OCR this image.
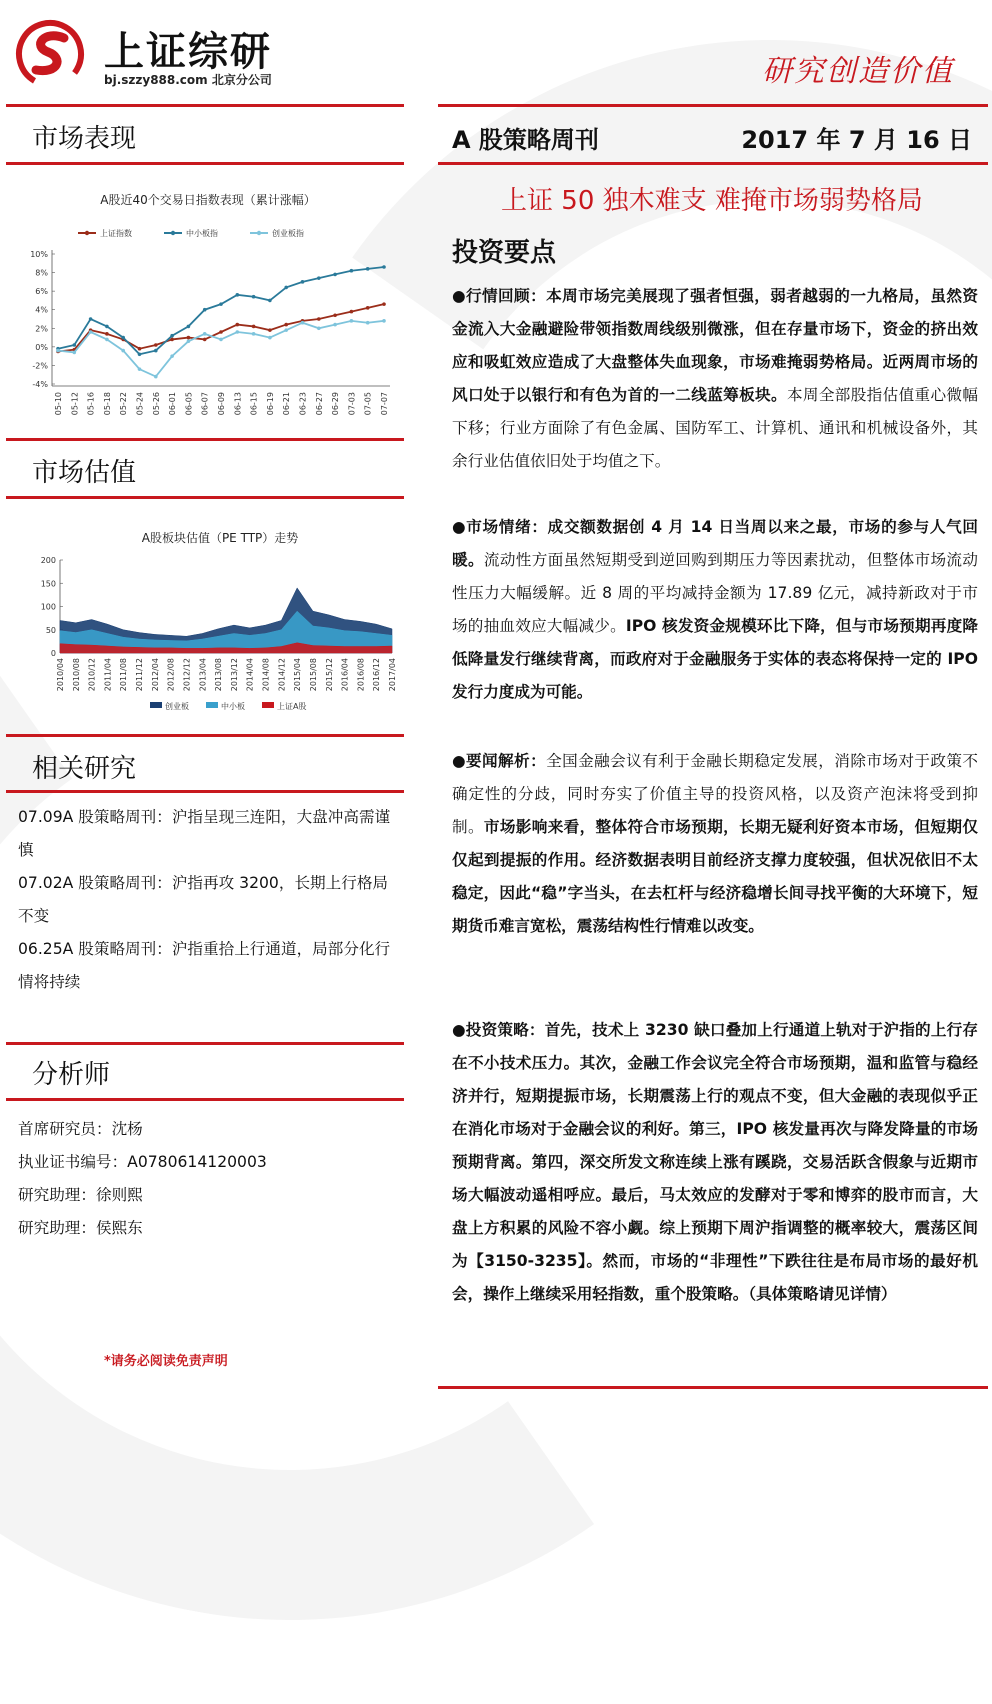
上证综研
bj.szzy888.com 北京分公司	研究创造价值
市场表现
市场估值
相关研究
分析师
A 股策略周刊	2017 年 7 月 16 日
上证 50 独木难支 难掩市场弱势格局
投资要点
A股近40个交易日指数表现（累计涨幅）
上证指数	中小板指	创业板指
10%
8%
6%
4%
2%
0%
-2%
-4%
05-10 05-12 05-16 05-18 05-22 05-24 05-26 06-01 06-05 06-07 06-09 06-13 06-15 06-19 06-21 06-23 06-27 06-29 07-03 07-05 07-07
A股板块估值（PE TTP）走势
200
150
100
50
0
2010/04 2010/08 2010/12 2011/04 2011/08 2011/12 2012/04 2012/08 2012/12 2013/04 2013/08 2013/12 2014/04 2014/08 2014/12 2015/04 2015/08 2015/12 2016/04 2016/08 2016/12 2017/04
创业板	中小板	上证A股
07.09A 股策略周刊：沪指呈现三连阳，大盘冲高需谨慎
07.02A 股策略周刊：沪指再攻 3200，长期上行格局不变
06.25A 股策略周刊：沪指重拾上行通道，局部分化行情将持续
首席研究员：沈杨
执业证书编号：A0780614120003
研究助理：徐则熙
研究助理：侯熙东
*请务必阅读免责声明
●行情回顾：本周市场完美展现了强者恒强，弱者越弱的一九格局，虽然资金流入大金融避险带领指数周线级别微涨，但在存量市场下，资金的挤出效应和吸虹效应造成了大盘整体失血现象，市场难掩弱势格局。近两周市场的风口处于以银行和有色为首的一二线蓝筹板块。本周全部股指估值重心微幅下移；行业方面除了有色金属、国防军工、计算机、通讯和机械设备外，其余行业估值依旧处于均值之下。
●市场情绪：成交额数据创 4 月 14 日当周以来之最，市场的参与人气回暖。流动性方面虽然短期受到逆回购到期压力等因素扰动，但整体市场流动性压力大幅缓解。近 8 周的平均减持金额为 17.89 亿元，减持新政对于市场的抽血效应大幅减少。IPO 核发资金规模环比下降，但与市场预期再度降低降量发行继续背离，而政府对于金融服务于实体的表态将保持一定的 IPO 发行力度成为可能。
●要闻解析：全国金融会议有利于金融长期稳定发展，消除市场对于政策不确定性的分歧，同时夯实了价值主导的投资风格，以及资产泡沫将受到抑制。市场影响来看，整体符合市场预期，长期无疑利好资本市场，但短期仅仅起到提振的作用。经济数据表明目前经济支撑力度较强，但状况依旧不太稳定，因此“稳”字当头，在去杠杆与经济稳增长间寻找平衡的大环境下，短期货币难言宽松，震荡结构性行情难以改变。
●投资策略：首先，技术上 3230 缺口叠加上行通道上轨对于沪指的上行存在不小技术压力。其次，金融工作会议完全符合市场预期，温和监管与稳经济并行，短期提振市场，长期震荡上行的观点不变，但大金融的表现似乎正在消化市场对于金融会议的利好。第三，IPO 核发量再次与降发降量的市场预期背离。第四，深交所发文称连续上涨有蹊跷，交易活跃含假象与近期市场大幅波动遥相呼应。最后，马太效应的发酵对于零和博弈的股市而言，大盘上方积累的风险不容小觑。综上预期下周沪指调整的概率较大，震荡区间为【3150-3235】。然而，市场的“非理性”下跌往往是布局市场的最好机会，操作上继续采用轻指数，重个股策略。（具体策略请见详情）
